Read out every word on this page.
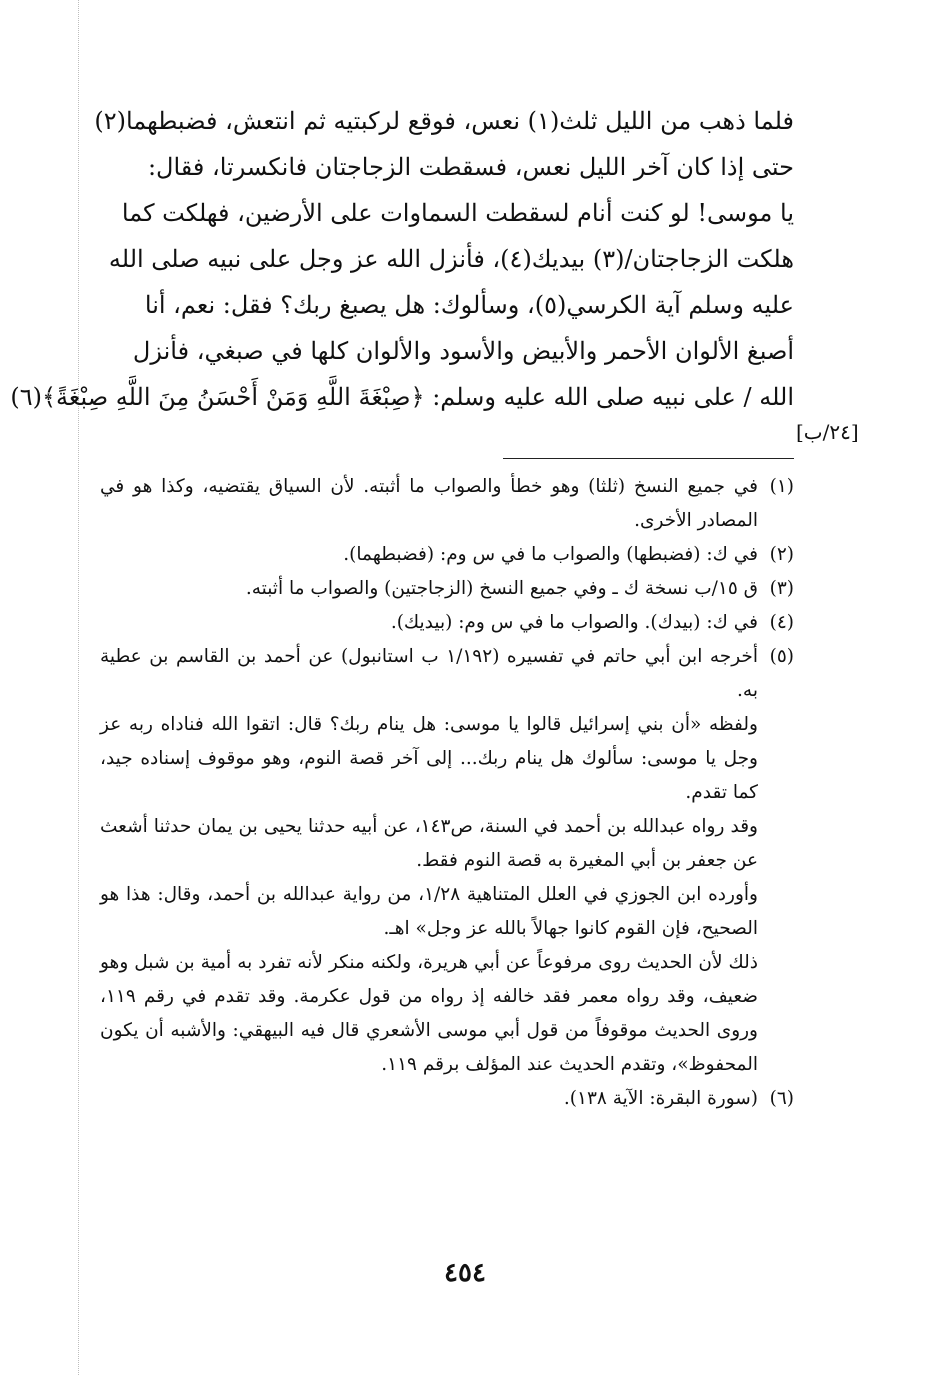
فلما ذهب من الليل ثلث(١) نعس، فوقع لركبتيه ثم انتعش، فضبطهما(٢)
حتى إذا كان آخر الليل نعس، فسقطت الزجاجتان فانكسرتا، فقال:
يا موسى! لو كنت أنام لسقطت السماوات على الأرضين، فهلكت كما
هلكت الزجاجتان/(٣) بيديك(٤)، فأنزل الله عز وجل على نبيه صلى الله
عليه وسلم آية الكرسي(٥)، وسألوك: هل يصبغ ربك؟ فقل: نعم، أنا
أصبغ الألوان الأحمر والأبيض والأسود والألوان كلها في صبغي، فأنزل
الله / على نبيه صلى الله عليه وسلم: ﴿صِبْغَةَ اللَّهِ وَمَنْ أَحْسَنُ مِنَ اللَّهِ صِبْغَةً﴾(٦)
[٢٤/ب]
(١)
في جميع النسخ (ثلثا) وهو خطأ والصواب ما أثبته. لأن السياق يقتضيه، وكذا هو في المصادر الأخرى.
(٢)
في ك: (فضبطها) والصواب ما في س وم: (فضبطهما).
(٣)
ق ١٥/ب نسخة ك ـ وفي جميع النسخ (الزجاجتين) والصواب ما أثبته.
(٤)
في ك: (بيدك). والصواب ما في س وم: (بيديك).
(٥)
أخرجه ابن أبي حاتم في تفسيره (١/١٩٢ ب استانبول) عن أحمد بن القاسم بن عطية به.
ولفظه «أن بني إسرائيل قالوا يا موسى: هل ينام ربك؟ قال: اتقوا الله فناداه ربه عز وجل يا موسى: سألوك هل ينام ربك... إلى آخر قصة النوم، وهو موقوف إسناده جيد، كما تقدم.
وقد رواه عبدالله بن أحمد في السنة، ص١٤٣، عن أبيه حدثنا يحيى بن يمان حدثنا أشعث عن جعفر بن أبي المغيرة به قصة النوم فقط.
وأورده ابن الجوزي في العلل المتناهية ١/٢٨، من رواية عبدالله بن أحمد، وقال: هذا هو الصحيح، فإن القوم كانوا جهالاً بالله عز وجل» اهـ.
ذلك لأن الحديث روى مرفوعاً عن أبي هريرة، ولكنه منكر لأنه تفرد به أمية بن شبل وهو ضعيف، وقد رواه معمر فقد خالفه إذ رواه من قول عكرمة. وقد تقدم في رقم ١١٩، وروى الحديث موقوفاً من قول أبي موسى الأشعري قال فيه البيهقي: والأشبه أن يكون المحفوظ»، وتقدم الحديث عند المؤلف برقم ١١٩.
(٦)
(سورة البقرة: الآية ١٣٨).
٤٥٤
